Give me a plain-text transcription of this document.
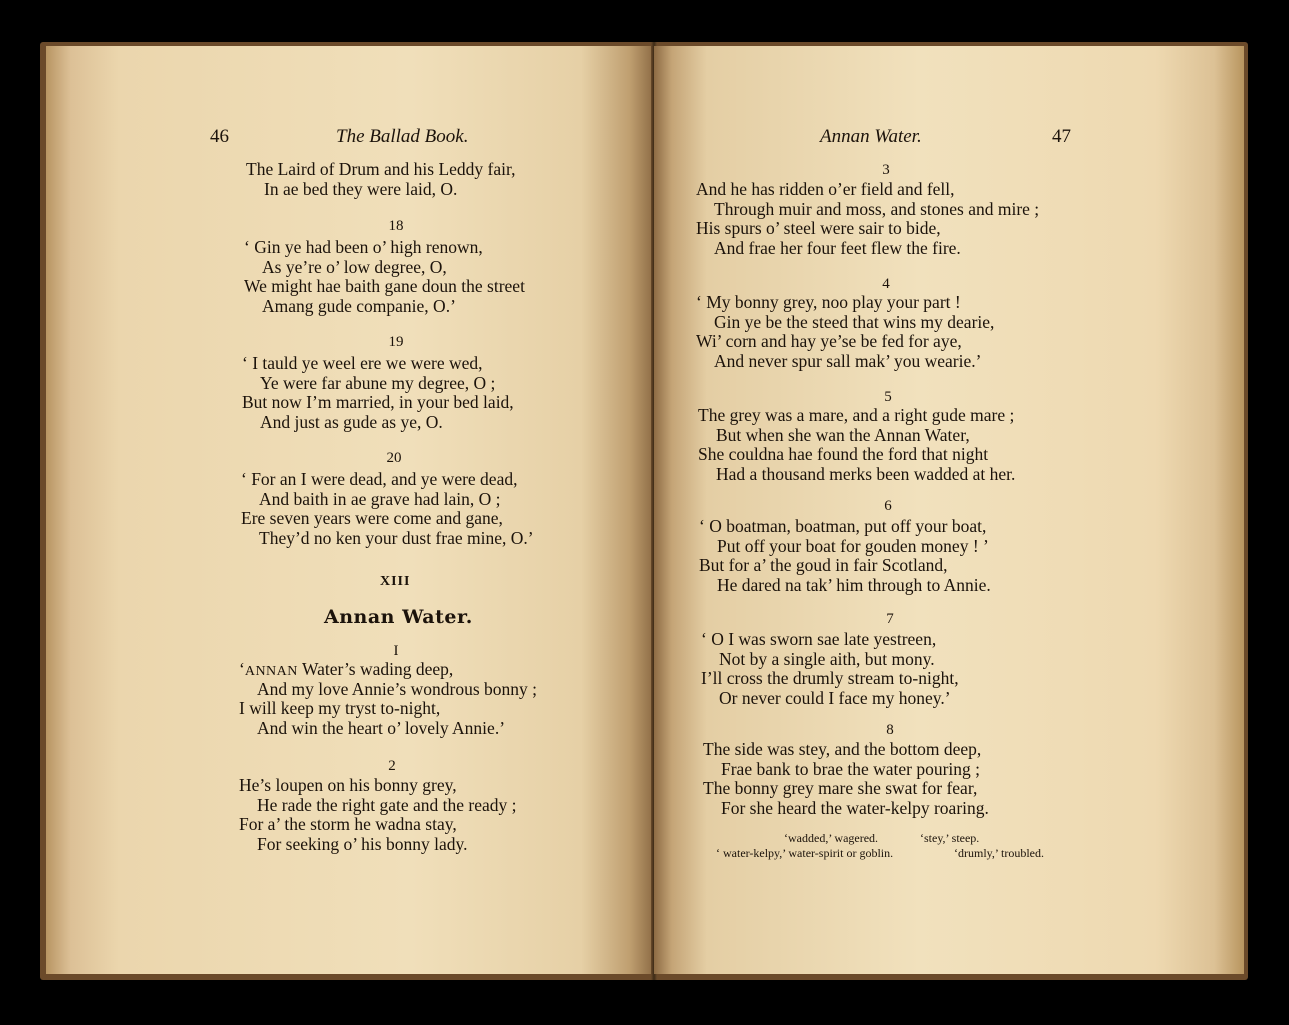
46	The Ballad Book.
The Laird of Drum and his Leddy fair,
In ae bed they were laid, O.
18
‘ Gin ye had been o’ high renown,
As ye’re o’ low degree, O,
We might hae baith gane doun the street
Amang gude companie, O.’
19
‘ I tauld ye weel ere we were wed,
Ye were far abune my degree, O ;
But now I’m married, in your bed laid,
And just as gude as ye, O.
20
‘ For an I were dead, and ye were dead,
And baith in ae grave had lain, O ;
Ere seven years were come and gane,
They’d no ken your dust frae mine, O.’
XIII
Annan Water.
I
‘ANNAN Water’s wading deep,
And my love Annie’s wondrous bonny ;
I will keep my tryst to-night,
And win the heart o’ lovely Annie.’
2
He’s loupen on his bonny grey,
He rade the right gate and the ready ;
For a’ the storm he wadna stay,
For seeking o’ his bonny lady.
Annan Water.	47
3
And he has ridden o’er field and fell,
Through muir and moss, and stones and mire ;
His spurs o’ steel were sair to bide,
And frae her four feet flew the fire.
4
‘ My bonny grey, noo play your part !
Gin ye be the steed that wins my dearie,
Wi’ corn and hay ye’se be fed for aye,
And never spur sall mak’ you wearie.’
5
The grey was a mare, and a right gude mare ;
But when she wan the Annan Water,
She couldna hae found the ford that night
Had a thousand merks been wadded at her.
6
‘ O boatman, boatman, put off your boat,
Put off your boat for gouden money ! ’
But for a’ the goud in fair Scotland,
He dared na tak’ him through to Annie.
7
‘ O I was sworn sae late yestreen,
Not by a single aith, but mony.
I’ll cross the drumly stream to-night,
Or never could I face my honey.’
8
The side was stey, and the bottom deep,
Frae bank to brae the water pouring ;
The bonny grey mare she swat for fear,
For she heard the water-kelpy roaring.
‘wadded,’ wagered.	‘stey,’ steep.
‘ water-kelpy,’ water-spirit or goblin.	‘drumly,’ troubled.
